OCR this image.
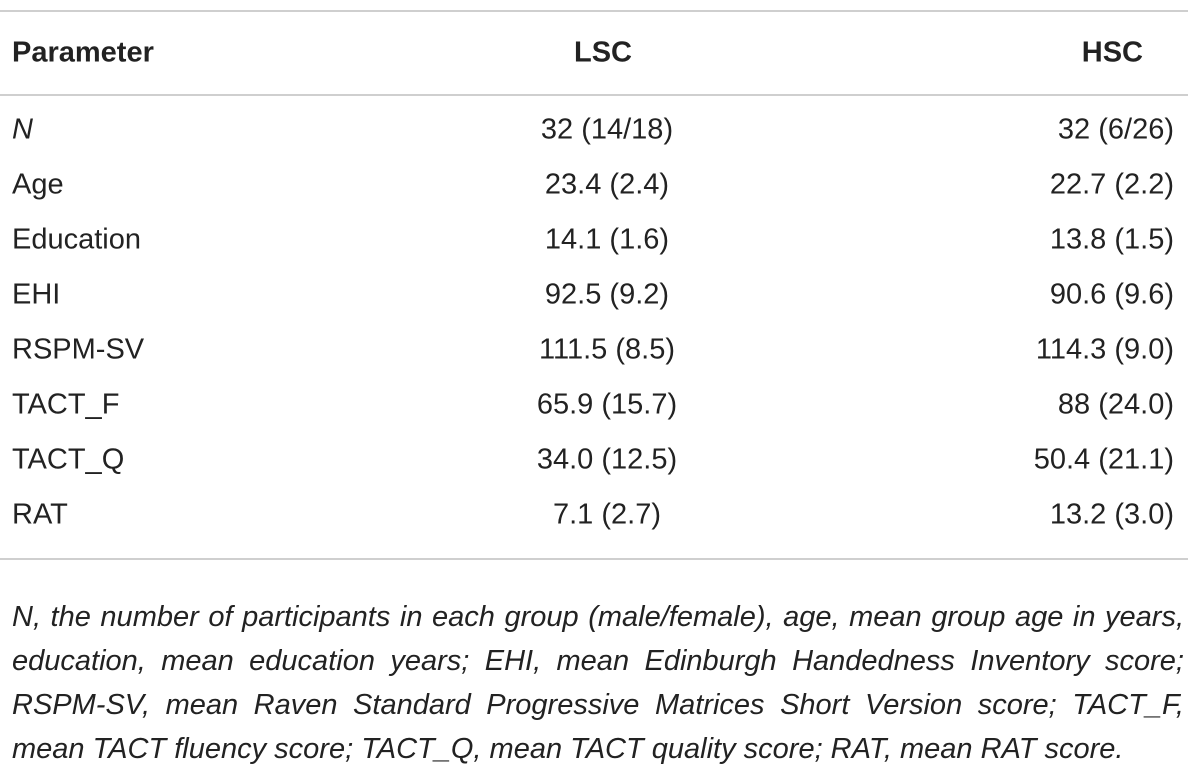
Parameter	LSC	HSC
N	32 (14/18)	32 (6/26)
Age	23.4 (2.4)	22.7 (2.2)
Education	14.1 (1.6)	13.8 (1.5)
EHI	92.5 (9.2)	90.6 (9.6)
RSPM-SV	111.5 (8.5)	114.3 (9.0)
TACT_F	65.9 (15.7)	88 (24.0)
TACT_Q	34.0 (12.5)	50.4 (21.1)
RAT	7.1 (2.7)	13.2 (3.0)

N, the number of participants in each group (male/female), age, mean group age in years, education, mean education years; EHI, mean Edinburgh Handedness Inventory score; RSPM-SV, mean Raven Standard Progressive Matrices Short Version score; TACT_F, mean TACT fluency score; TACT_Q, mean TACT quality score; RAT, mean RAT score.
